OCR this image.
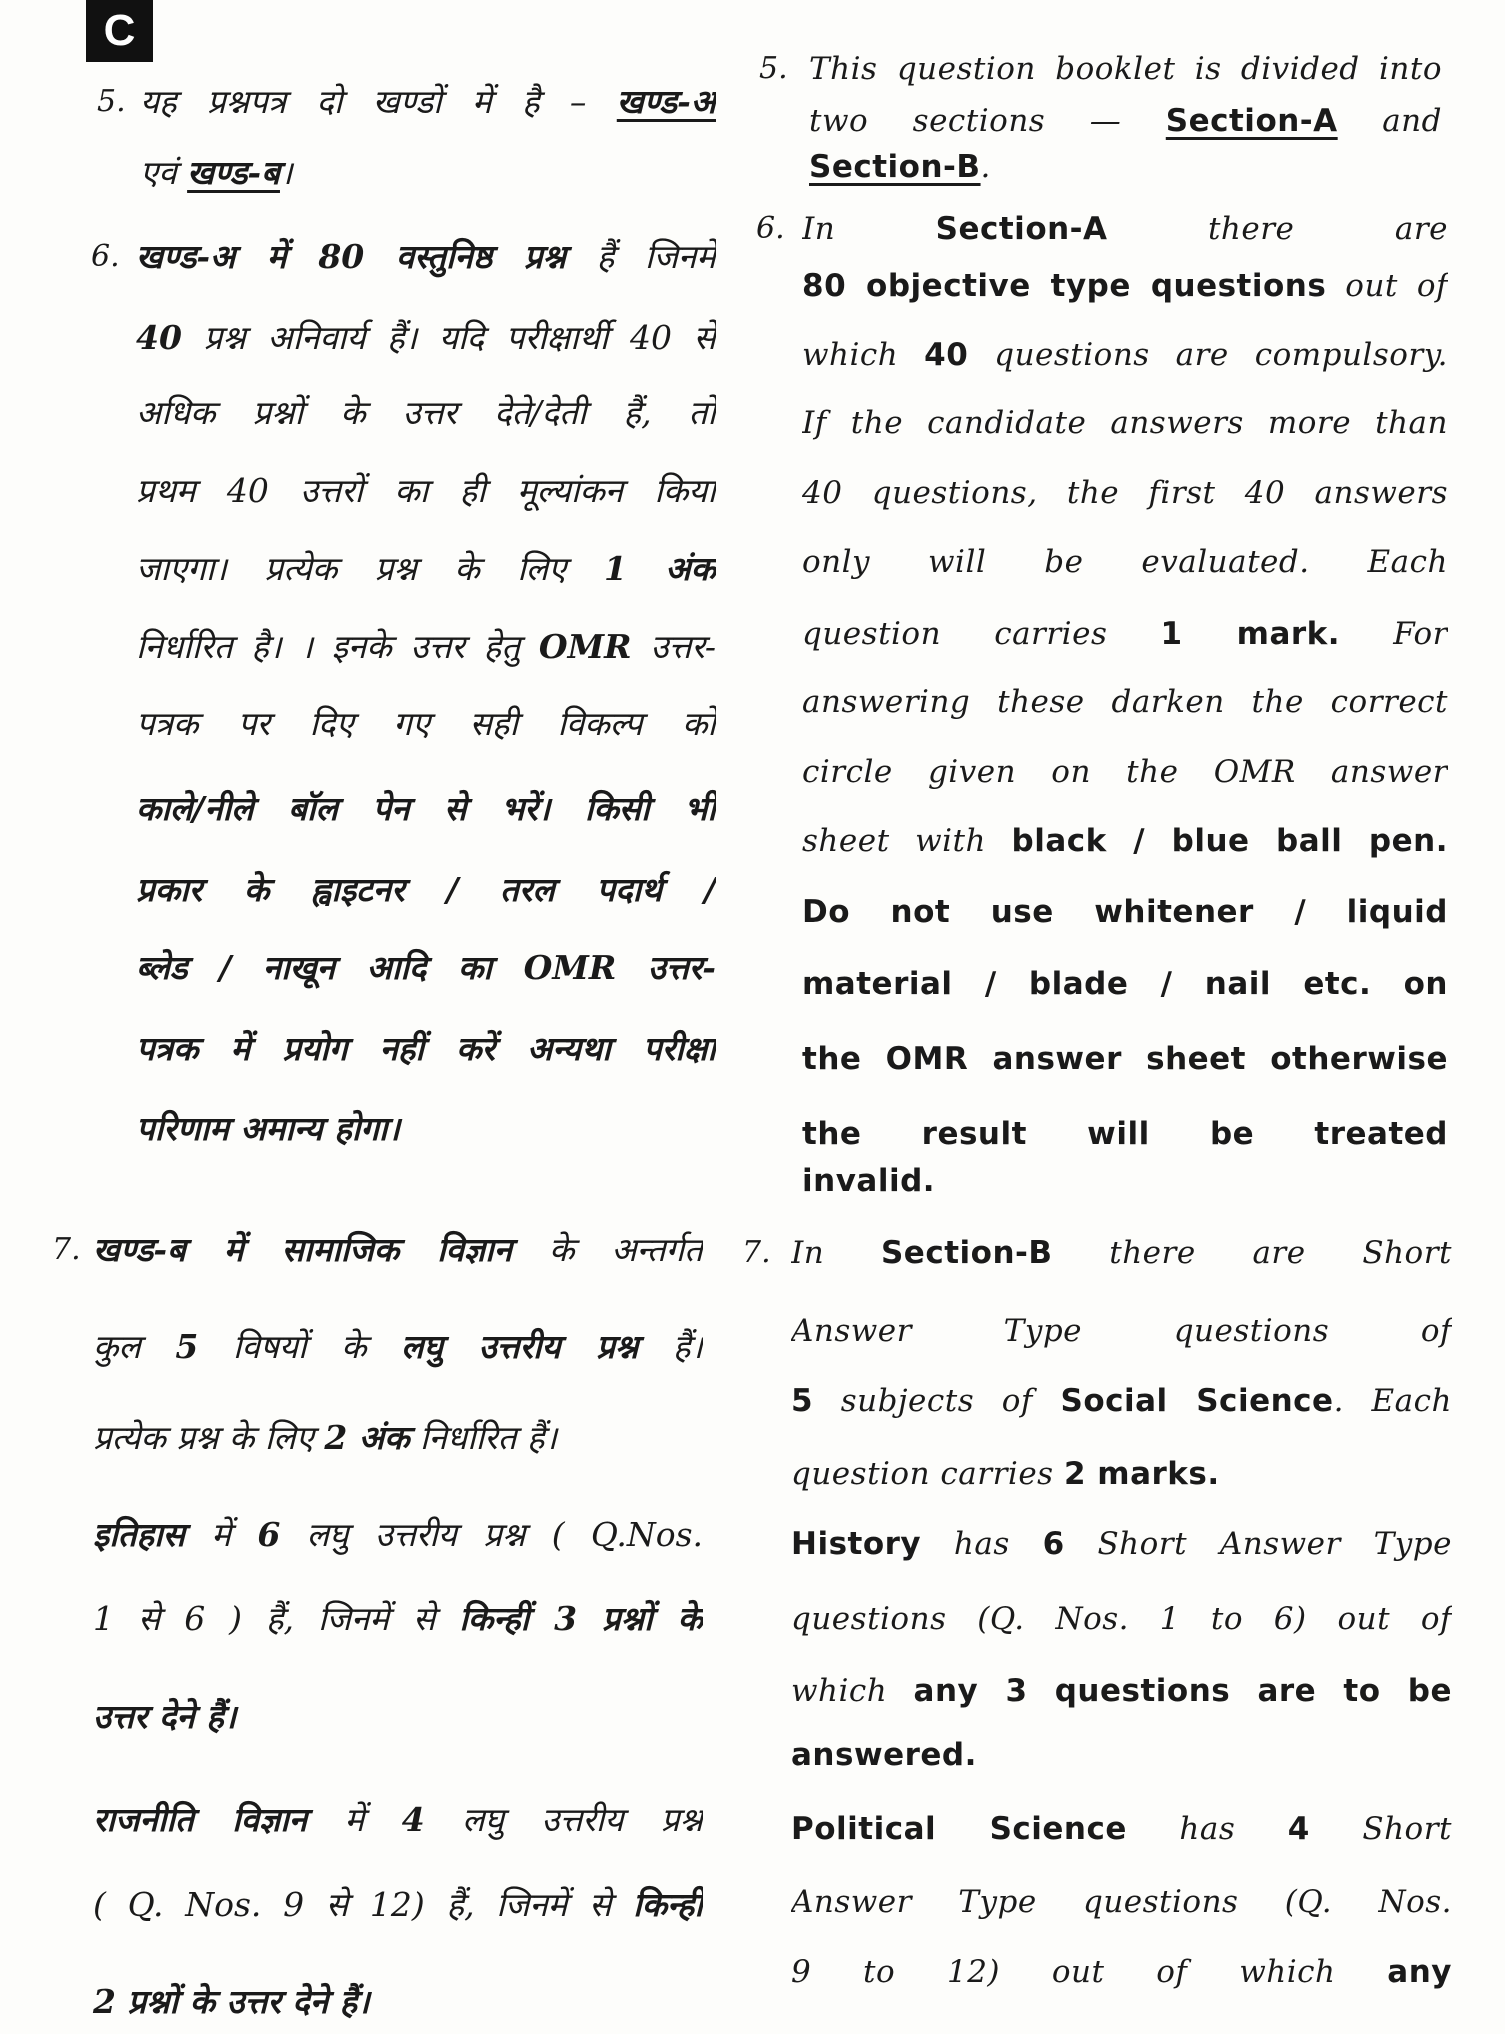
C
5. यह प्रश्नपत्र दो खण्डों में है – खण्ड-अ
एवं खण्ड-ब।
6. खण्ड-अ में 80 वस्तुनिष्ठ प्रश्न हैं जिनमें
40 प्रश्न अनिवार्य हैं। यदि परीक्षार्थी 40 से
अधिक प्रश्नों के उत्तर देते/देती हैं, तो
प्रथम 40 उत्तरों का ही मूल्यांकन किया
जाएगा। प्रत्येक प्रश्न के लिए 1 अंक
निर्धारित है। । इनके उत्तर हेतु OMR उत्तर-
पत्रक पर दिए गए सही विकल्प को
काले/नीले बॉल पेन से भरें। किसी भी
प्रकार के ह्वाइटनर / तरल पदार्थ /
ब्लेड / नाखून आदि का OMR उत्तर-
पत्रक में प्रयोग नहीं करें अन्यथा परीक्षा
परिणाम अमान्य होगा।
7. खण्ड-ब में सामाजिक विज्ञान के अन्तर्गत
कुल 5 विषयों के लघु उत्तरीय प्रश्न हैं।
प्रत्येक प्रश्न के लिए 2 अंक निर्धारित हैं।
इतिहास में 6 लघु उत्तरीय प्रश्न ( Q.Nos.
1 से 6 ) हैं, जिनमें से किन्हीं 3 प्रश्नों के
उत्तर देने हैं।
राजनीति विज्ञान में 4 लघु उत्तरीय प्रश्न
( Q. Nos. 9 से 12) हैं, जिनमें से किन्हीं
2 प्रश्नों के उत्तर देने हैं।
5. This question booklet is divided into
two sections — Section-A and
Section-B.
6. In Section-A there are
80 objective type questions out of
which 40 questions are compulsory.
If the candidate answers more than
40 questions, the first 40 answers
only will be evaluated. Each
question carries 1 mark. For
answering these darken the correct
circle given on the OMR answer
sheet with black / blue ball pen.
Do not use whitener / liquid
material / blade / nail etc. on
the OMR answer sheet otherwise
the result will be treated
invalid.
7. In Section-B there are Short
Answer Type questions of
5 subjects of Social Science. Each
question carries 2 marks.
History has 6 Short Answer Type
questions (Q. Nos. 1 to 6) out of
which any 3 questions are to be
answered.
Political Science has 4 Short
Answer Type questions (Q. Nos.
9 to 12) out of which any
